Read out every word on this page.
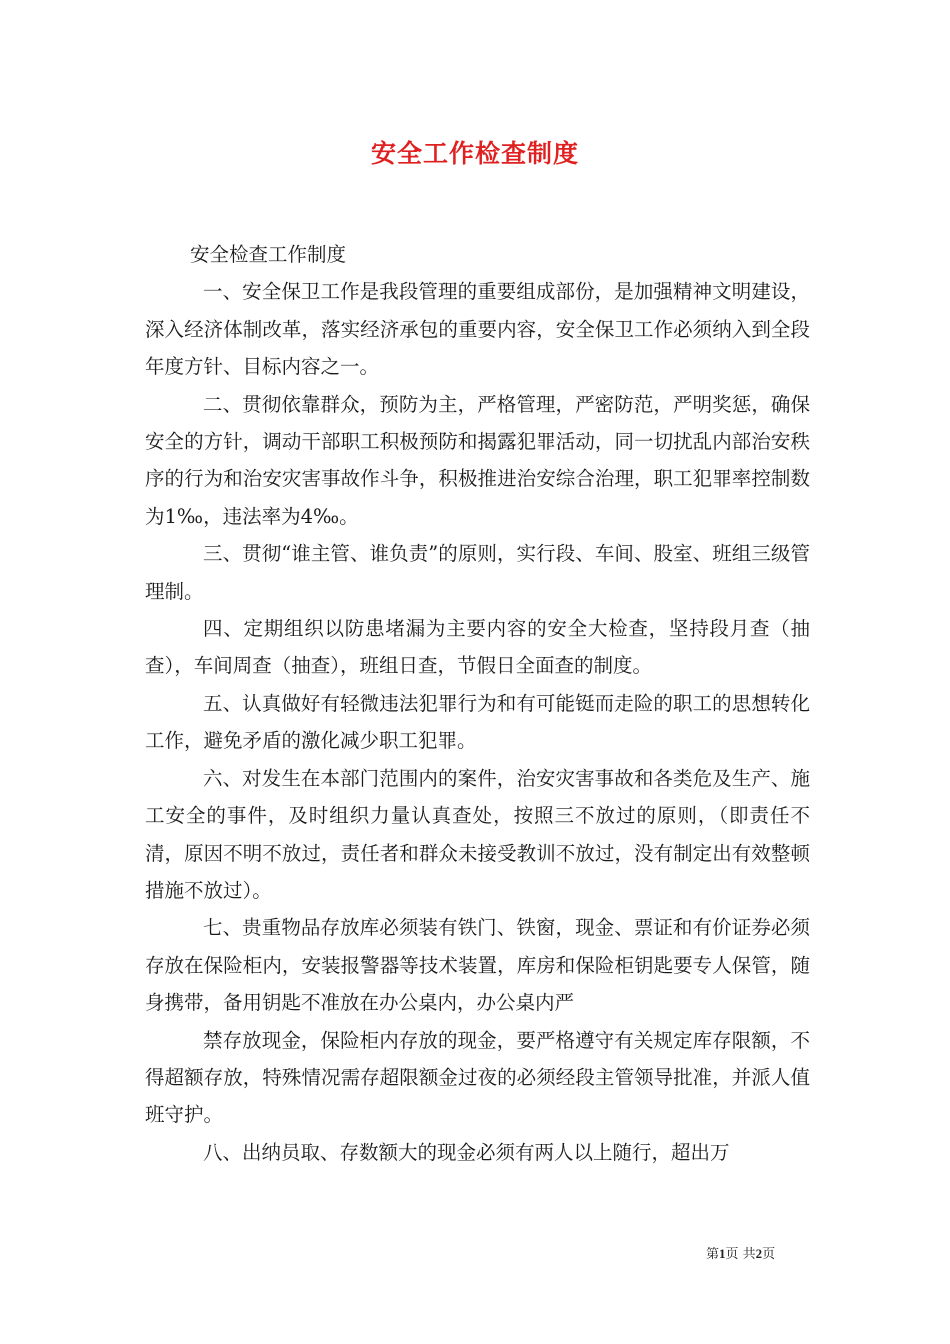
安全工作检查制度

安全检查工作制度

一、安全保卫工作是我段管理的重要组成部份，是加强精神文明建设，深入经济体制改革，落实经济承包的重要内容，安全保卫工作必须纳入到全段年度方针、目标内容之一。

二、贯彻依靠群众，预防为主，严格管理，严密防范，严明奖惩，确保安全的方针，调动干部职工积极预防和揭露犯罪活动，同一切扰乱内部治安秩序的行为和治安灾害事故作斗争，积极推进治安综合治理，职工犯罪率控制数为1‰，违法率为4‰。

三、贯彻“谁主管、谁负责”的原则，实行段、车间、股室、班组三级管理制。

四、定期组织以防患堵漏为主要内容的安全大检查，坚持段月查（抽查），车间周查（抽查），班组日查，节假日全面查的制度。

五、认真做好有轻微违法犯罪行为和有可能铤而走险的职工的思想转化工作，避免矛盾的激化减少职工犯罪。

六、对发生在本部门范围内的案件，治安灾害事故和各类危及生产、施工安全的事件，及时组织力量认真查处，按照三不放过的原则，（即责任不清，原因不明不放过，责任者和群众未接受教训不放过，没有制定出有效整顿措施不放过）。

七、贵重物品存放库必须装有铁门、铁窗，现金、票证和有价证券必须存放在保险柜内，安装报警器等技术装置，库房和保险柜钥匙要专人保管，随身携带，备用钥匙不准放在办公桌内，办公桌内严

禁存放现金，保险柜内存放的现金，要严格遵守有关规定库存限额，不得超额存放，特殊情况需存超限额金过夜的必须经段主管领导批准，并派人值班守护。

八、出纳员取、存数额大的现金必须有两人以上随行，超出万

第1页 共2页
